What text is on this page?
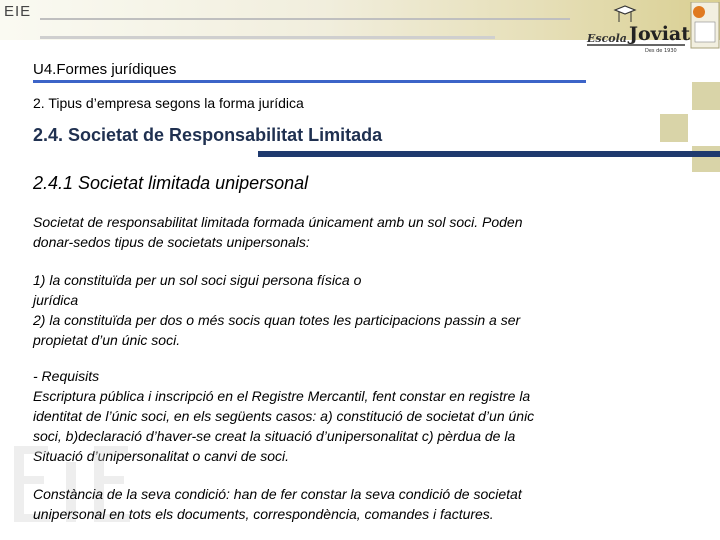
EIE
Escola Joviat
Des de 1930
U4.Formes jurídiques
2. Tipus d’empresa segons la forma jurídica
2.4. Societat de Responsabilitat Limitada
2.4.1 Societat limitada unipersonal
Societat de responsabilitat limitada formada únicament amb un sol soci. Poden
donar-sedos tipus de societats unipersonals:
1) la constituïda per un sol soci sigui persona física o
jurídica
2) la constituïda per dos o més socis quan totes les participacions passin a ser
propietat d’un únic soci.
- Requisits
Escriptura pública i inscripció en el Registre Mercantil, fent constar en registre la
identitat de l’únic soci, en els següents casos: a) constitució de societat d’un únic
soci, b)declaració d’haver-se creat la situació d’unipersonalitat c) pèrdua de la
Situació d’unipersonalitat o canvi de soci.
Constància de la seva condició: han de fer constar la seva condició de societat
unipersonal en tots els documents, correspondència, comandes i factures.
